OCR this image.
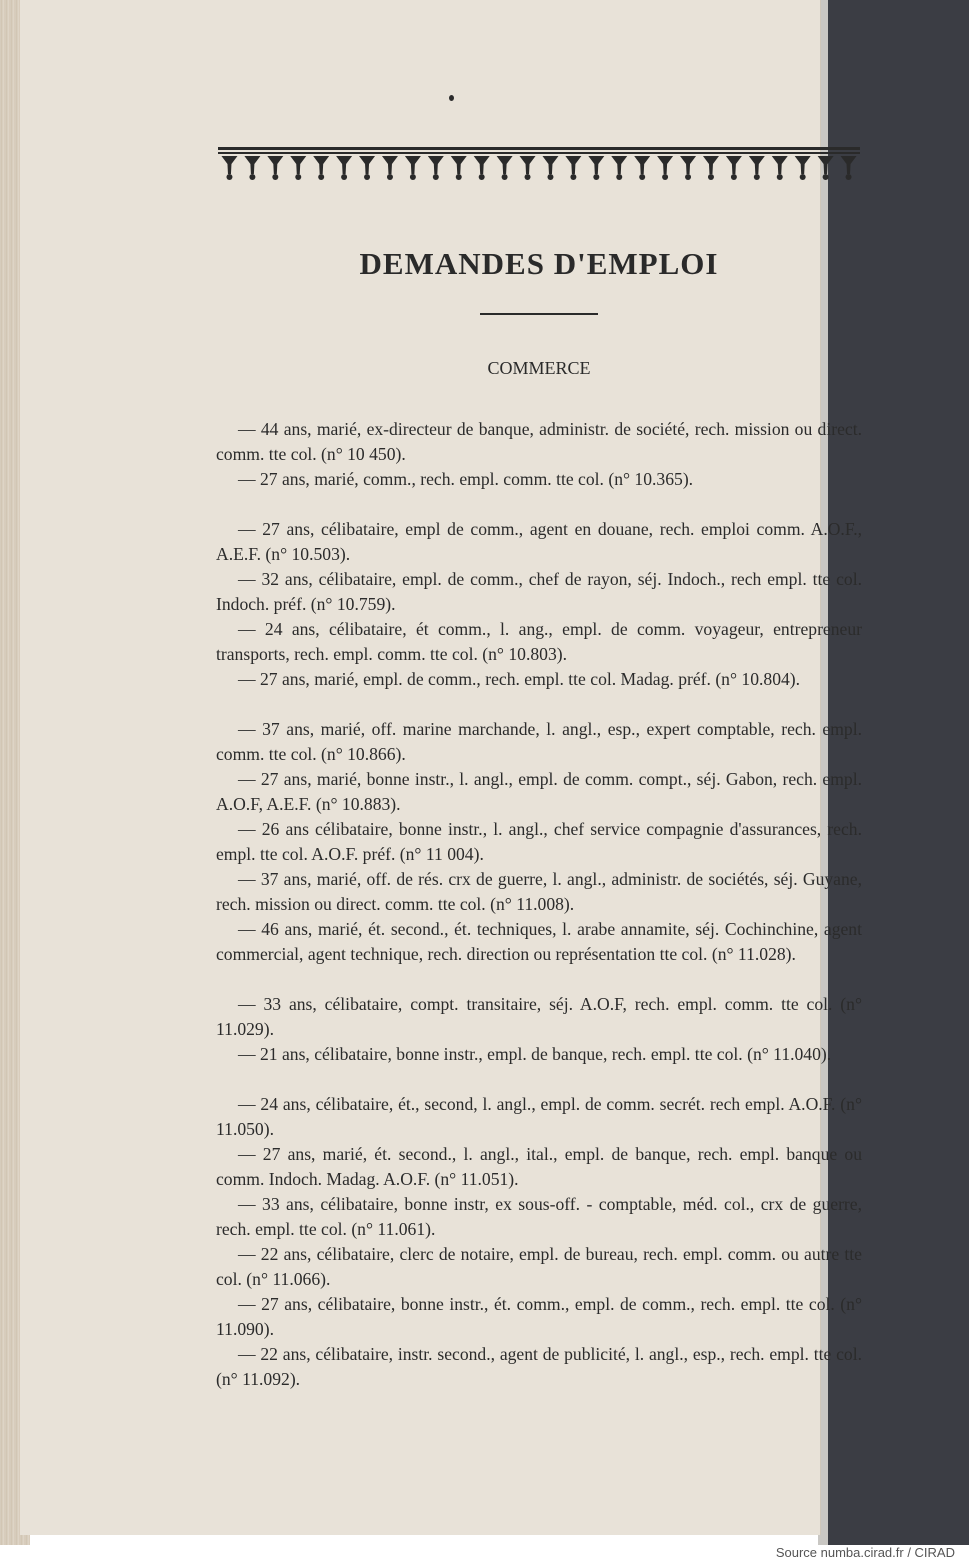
DEMANDES D'EMPLOI
COMMERCE

— 44 ans, marié, ex-directeur de banque, administr. de société, rech. mission ou direct. comm. tte col. (n° 10 450).

— 27 ans, marié, comm., rech. empl. comm. tte col. (n° 10.365).

— 27 ans, célibataire, empl de comm., agent en douane, rech. emploi comm. A.O.F., A.E.F. (n° 10.503).

— 32 ans, célibataire, empl. de comm., chef de rayon, séj. Indoch., rech empl. tte col. Indoch. préf. (n° 10.759).

— 24 ans, célibataire, ét comm., l. ang., empl. de comm. voyageur, entrepreneur transports, rech. empl. comm. tte col. (n° 10.803).

— 27 ans, marié, empl. de comm., rech. empl. tte col. Madag. préf. (n° 10.804).

— 37 ans, marié, off. marine marchande, l. angl., esp., expert comptable, rech. empl. comm. tte col. (n° 10.866).

— 27 ans, marié, bonne instr., l. angl., empl. de comm. compt., séj. Gabon, rech. empl. A.O.F, A.E.F. (n° 10.883).

— 26 ans célibataire, bonne instr., l. angl., chef service compagnie d'assurances, rech. empl. tte col. A.O.F. préf. (n° 11 004).

— 37 ans, marié, off. de rés. crx de guerre, l. angl., administr. de sociétés, séj. Guyane, rech. mission ou direct. comm. tte col. (n° 11.008).

— 46 ans, marié, ét. second., ét. techniques, l. arabe annamite, séj. Cochinchine, agent commercial, agent technique, rech. direction ou représentation tte col. (n° 11.028).

— 33 ans, célibataire, compt. transitaire, séj. A.O.F, rech. empl. comm. tte col. (n° 11.029).

— 21 ans, célibataire, bonne instr., empl. de banque, rech. empl. tte col. (n° 11.040).

— 24 ans, célibataire, ét., second, l. angl., empl. de comm. secrét. rech empl. A.O.F. (n° 11.050).

— 27 ans, marié, ét. second., l. angl., ital., empl. de banque, rech. empl. banque ou comm. Indoch. Madag. A.O.F. (n° 11.051).

— 33 ans, célibataire, bonne instr, ex sous-off. - comptable, méd. col., crx de guerre, rech. empl. tte col. (n° 11.061).

— 22 ans, célibataire, clerc de notaire, empl. de bureau, rech. empl. comm. ou autre tte col. (n° 11.066).

— 27 ans, célibataire, bonne instr., ét. comm., empl. de comm., rech. empl. tte col. (n° 11.090).

— 22 ans, célibataire, instr. second., agent de publicité, l. angl., esp., rech. empl. tte col. (n° 11.092).

Source numba.cirad.fr / CIRAD
